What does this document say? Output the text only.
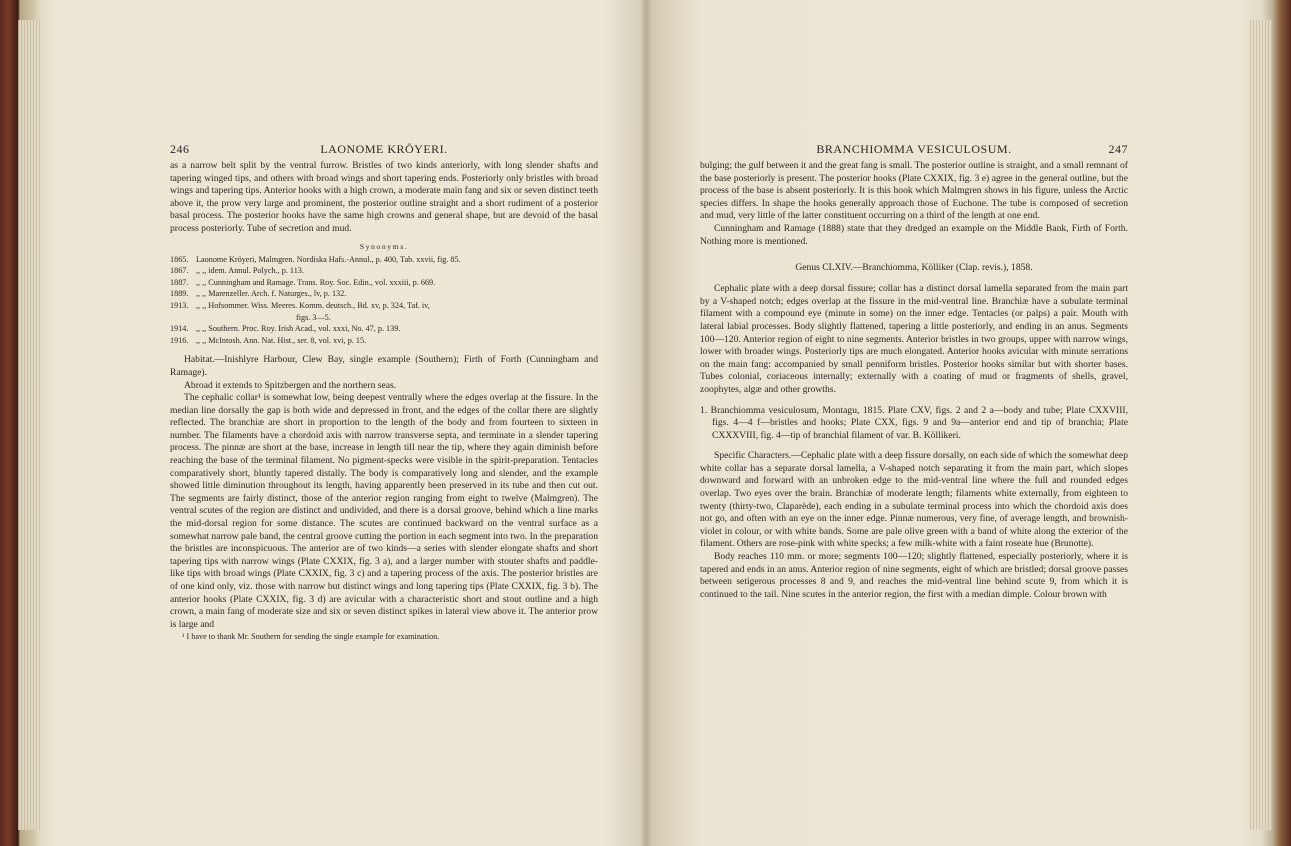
246	LAONOME KRÖYERI.

as a narrow belt split by the ventral furrow. Bristles of two kinds anteriorly, with long slender shafts and tapering winged tips, and others with broad wings and short tapering ends. Posteriorly only bristles with broad wings and tapering tips. Anterior hooks with a high crown, a moderate main fang and six or seven distinct teeth above it, the prow very large and prominent, the posterior outline straight and a short rudiment of a posterior basal process. The posterior hooks have the same high crowns and general shape, but are devoid of the basal process posteriorly. Tube of secretion and mud.

Synonyms.
1865. Laonome Kröyeri, Malmgren. Nordiska Hafs.-Annul., p. 400, Tab. xxvii, fig. 85.
1867. ,, ,, idem. Annul. Polych., p. 113.
1887. ,, ,, Cunningham and Ramage. Trans. Roy. Soc. Edin., vol. xxxiii, p. 669.
1889. ,, ,, Marenzeller. Arch. f. Naturges., lv, p. 132.
1913. ,, ,, Hofsommer. Wiss. Meeres. Komm. deutsch., Bd. xv, p. 324, Taf. iv,
figs. 3—5.
1914. ,, ,, Southern. Proc. Roy. Irish Acad., vol. xxxi, No. 47, p. 139.
1916. ,, ,, McIntosh. Ann. Nat. Hist., ser. 8, vol. xvi, p. 15.

Habitat.—Inishlyre Harbour, Clew Bay, single example (Southern); Firth of Forth (Cunningham and Ramage).

Abroad it extends to Spitzbergen and the northern seas.

The cephalic collar¹ is somewhat low, being deepest ventrally where the edges overlap at the fissure. In the median line dorsally the gap is both wide and depressed in front, and the edges of the collar there are slightly reflected. The branchiæ are short in proportion to the length of the body and from fourteen to sixteen in number. The filaments have a chordoid axis with narrow transverse septa, and terminate in a slender tapering process. The pinnæ are short at the base, increase in length till near the tip, where they again diminish before reaching the base of the terminal filament. No pigment-specks were visible in the spirit-preparation. Tentacles comparatively short, bluntly tapered distally. The body is comparatively long and slender, and the example showed little diminution throughout its length, having apparently been preserved in its tube and then cut out. The segments are fairly distinct, those of the anterior region ranging from eight to twelve (Malmgren). The ventral scutes of the region are distinct and undivided, and there is a dorsal groove, behind which a line marks the mid-dorsal region for some distance. The scutes are continued backward on the ventral surface as a somewhat narrow pale band, the central groove cutting the portion in each segment into two. In the preparation the bristles are inconspicuous. The anterior are of two kinds—a series with slender elongate shafts and short tapering tips with narrow wings (Plate CXXIX, fig. 3 a), and a larger number with stouter shafts and paddle-like tips with broad wings (Plate CXXIX, fig. 3 c) and a tapering process of the axis. The posterior bristles are of one kind only, viz. those with narrow but distinct wings and long tapering tips (Plate CXXIX, fig. 3 b). The anterior hooks (Plate CXXIX, fig. 3 d) are avicular with a characteristic short and stout outline and a high crown, a main fang of moderate size and six or seven distinct spikes in lateral view above it. The anterior prow is large and

¹ I have to thank Mr. Southern for sending the single example for examination.

BRANCHIOMMA VESICULOSUM.	247

bulging; the gulf between it and the great fang is small. The posterior outline is straight, and a small remnant of the base posteriorly is present. The posterior hooks (Plate CXXIX, fig. 3 e) agree in the general outline, but the process of the base is absent posteriorly. It is this hook which Malmgren shows in his figure, unless the Arctic species differs. In shape the hooks generally approach those of Euchone. The tube is composed of secretion and mud, very little of the latter constituent occurring on a third of the length at one end.

Cunningham and Ramage (1888) state that they dredged an example on the Middle Bank, Firth of Forth. Nothing more is mentioned.

Genus CLXIV.—Branchiomma, Kölliker (Clap. revis.), 1858.

Cephalic plate with a deep dorsal fissure; collar has a distinct dorsal lamella separated from the main part by a V-shaped notch; edges overlap at the fissure in the mid-ventral line. Branchiæ have a subulate terminal filament with a compound eye (minute in some) on the inner edge. Tentacles (or palps) a pair. Mouth with lateral labial processes. Body slightly flattened, tapering a little posteriorly, and ending in an anus. Segments 100—120. Anterior region of eight to nine segments. Anterior bristles in two groups, upper with narrow wings, lower with broader wings. Posteriorly tips are much elongated. Anterior hooks avicular with minute serrations on the main fang: accompanied by small penniform bristles. Posterior hooks similar but with shorter bases. Tubes colonial, coriaceous internally; externally with a coating of mud or fragments of shells, gravel, zoophytes, algæ and other growths.

1. Branchiomma vesiculosum, Montagu, 1815. Plate CXV, figs. 2 and 2 a—body and tube; Plate CXXVIII, figs. 4—4 f—bristles and hooks; Plate CXX, figs. 9 and 9a—anterior end and tip of branchia; Plate CXXXVIII, fig. 4—tip of branchial filament of var. B. Köllikeri.

Specific Characters.—Cephalic plate with a deep fissure dorsally, on each side of which the somewhat deep white collar has a separate dorsal lamella, a V-shaped notch separating it from the main part, which slopes downward and forward with an unbroken edge to the mid-ventral line where the full and rounded edges overlap. Two eyes over the brain. Branchiæ of moderate length; filaments white externally, from eighteen to twenty (thirty-two, Claparède), each ending in a subulate terminal process into which the chordoid axis does not go, and often with an eye on the inner edge. Pinnæ numerous, very fine, of average length, and brownish-violet in colour, or with white bands. Some are pale olive green with a band of white along the exterior of the filament. Others are rose-pink with white specks; a few milk-white with a faint roseate hue (Brunotte).

Body reaches 110 mm. or more; segments 100—120; slightly flattened, especially posteriorly, where it is tapered and ends in an anus. Anterior region of nine segments, eight of which are bristled; dorsal groove passes between setigerous processes 8 and 9, and reaches the mid-ventral line behind scute 9, from which it is continued to the tail. Nine scutes in the anterior region, the first with a median dimple. Colour brown with
